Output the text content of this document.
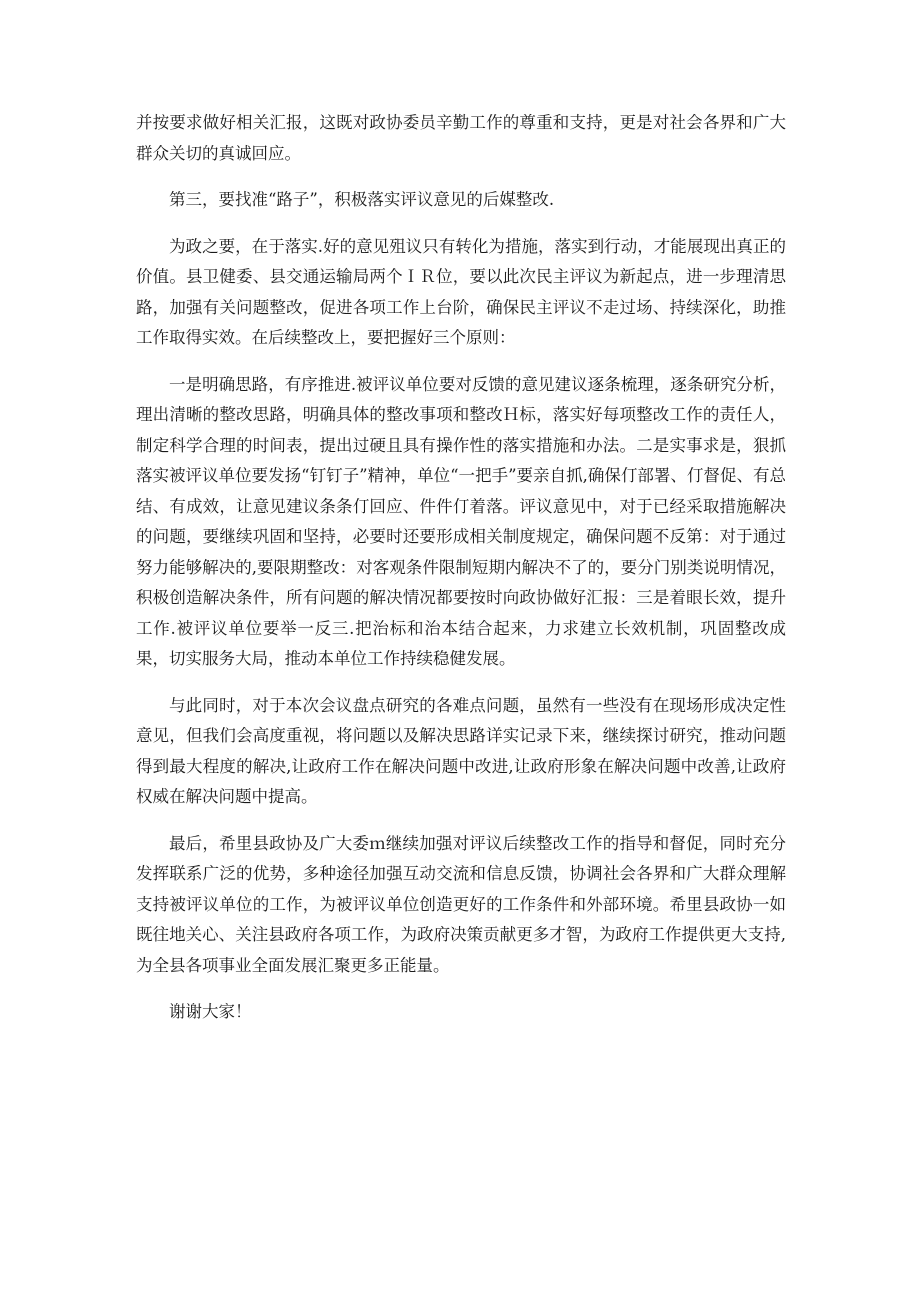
并按要求做好相关汇报，这既对政协委员辛勤工作的尊重和支持，更是对社会各界和广大群众关切的真诚回应。

第三，要找准“路子”，积极落实评议意见的后媒整改.

为政之要，在于落实.好的意见殂议只有转化为措施，落实到行动，才能展现出真正的价值。县卫健委、县交通运输局两个ＩＲ位，要以此次民主评议为新起点，进一步理清思路，加强有关问题整改，促进各项工作上台阶，确保民主评议不走过场、持续深化，助推工作取得实效。在后续整改上，要把握好三个原则：

一是明确思路，有序推进.被评议单位要对反馈的意见建议逐条梳理，逐条研究分析，理出清晰的整改思路，明确具体的整改事项和整改Ｈ标，落实好每项整改工作的责任人，制定科学合理的时间表，提出过硬且具有操作性的落实措施和办法。二是实事求是，狠抓落实被评议单位要发扬“钉钉子”精神，单位“一把手”要亲自抓,确保仃部署、仃督促、有总结、有成效，让意见建议条条仃回应、件件仃着落。评议意见中，对于已经采取措施解决的问题，要继续巩固和坚持，必要时还要形成相关制度规定，确保问题不反第：对于通过努力能够解决的,要限期整改：对客观条件限制短期内解决不了的，要分门别类说明情况，积极创造解决条件，所有问题的解决情况都要按时向政协做好汇报：三是着眼长效，提升工作.被评议单位要举一反三.把治标和治本结合起来，力求建立长效机制，巩固整改成果，切实服务大局，推动本单位工作持续稳健发展。

与此同时，对于本次会议盘点研究的各难点问题，虽然有一些没有在现场形成决定性意见，但我们会高度重视，将问题以及解决思路详实记录下来，继续探讨研究，推动问题得到最大程度的解决,让政府工作在解决问题中改进,让政府形象在解决问题中改善,让政府权威在解决问题中提高。

最后，希里县政协及广大委ｍ继续加强对评议后续整改工作的指导和督促，同时充分发挥联系广泛的优势，多种途径加强互动交流和信息反馈，协调社会各界和广大群众理解支持被评议单位的工作，为被评议单位创造更好的工作条件和外部环境。希里县政协一如既往地关心、关注县政府各项工作，为政府决策贡献更多才智，为政府工作提供更大支持,为全县各项事业全面发展汇聚更多正能量。

谢谢大家！
